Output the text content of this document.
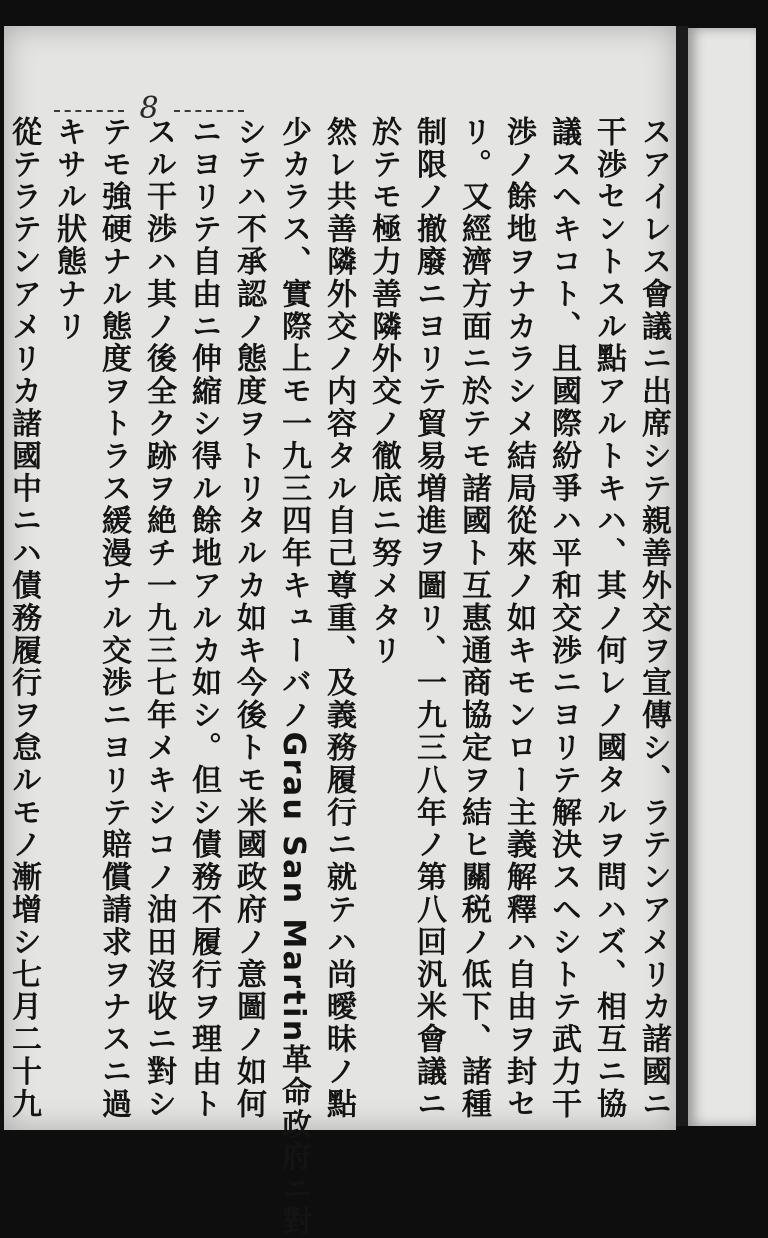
8
スアイレス會議ニ出席シテ親善外交ヲ宣傳シ、ラテンアメリカ諸國ニ
干渉セントスル點アルトキハ、其ノ何レノ國タルヲ問ハズ、相互ニ協
議スヘキコト、且國際紛爭ハ平和交渉ニヨリテ解決スヘシトテ武力干
渉ノ餘地ヲナカラシメ結局從來ノ如キモンロー主義解釋ハ自由ヲ封セ
リ。又經濟方面ニ於テモ諸國ト互惠通商協定ヲ結ヒ關税ノ低下、諸種
制限ノ撤廢ニヨリテ貿易増進ヲ圖リ、一九三八年ノ第八回汎米會議ニ
於テモ極力善隣外交ノ徹底ニ努メタリ
然レ共善隣外交ノ内容タル自己尊重、及義務履行ニ就テハ尚曖昧ノ點
少カラス、實際上モ一九三四年キューバノGrau San Martin革命政府ニ對
シテハ不承認ノ態度ヲトリタルカ如キ今後トモ米國政府ノ意圖ノ如何
ニヨリテ自由ニ伸縮シ得ル餘地アルカ如シ。但シ債務不履行ヲ理由ト
スル干渉ハ其ノ後全ク跡ヲ絶チ一九三七年メキシコノ油田沒收ニ對シ
テモ強硬ナル態度ヲトラス緩漫ナル交渉ニヨリテ賠償請求ヲナスニ過
キサル狀態ナリ
從テラテンアメリカ諸國中ニハ債務履行ヲ怠ルモノ漸增シ七月二十九
